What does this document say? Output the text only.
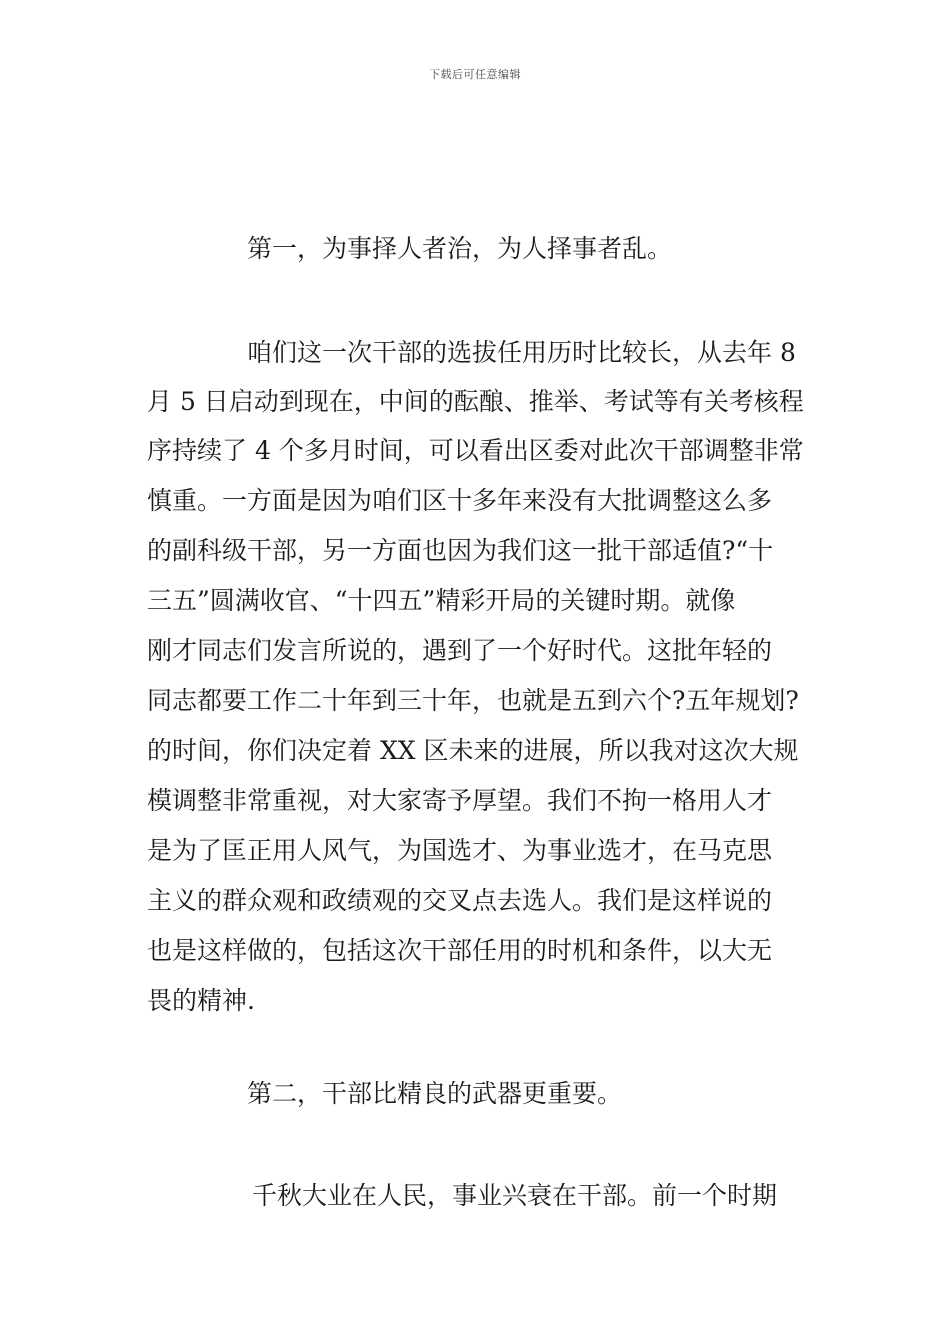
下载后可任意编辑
第一，为事择人者治，为人择事者乱。
咱们这一次干部的选拔任用历时比较长，从去年 8
月 5 日启动到现在，中间的酝酿、推举、考试等有关考核程
序持续了 4 个多月时间，可以看出区委对此次干部调整非常
慎重。一方面是因为咱们区十多年来没有大批调整这么多
的副科级干部，另一方面也因为我们这一批干部适值?“十
三五”圆满收官、“十四五”精彩开局的关键时期。就像
刚才同志们发言所说的，遇到了一个好时代。这批年轻的
同志都要工作二十年到三十年，也就是五到六个?五年规划?
的时间，你们决定着 XX 区未来的进展，所以我对这次大规
模调整非常重视，对大家寄予厚望。我们不拘一格用人才
是为了匡正用人风气，为国选才、为事业选才，在马克思
主义的群众观和政绩观的交叉点去选人。我们是这样说的
也是这样做的，包括这次干部任用的时机和条件，以大无
畏的精神.
第二，干部比精良的武器更重要。
千秋大业在人民，事业兴衰在干部。前一个时期
